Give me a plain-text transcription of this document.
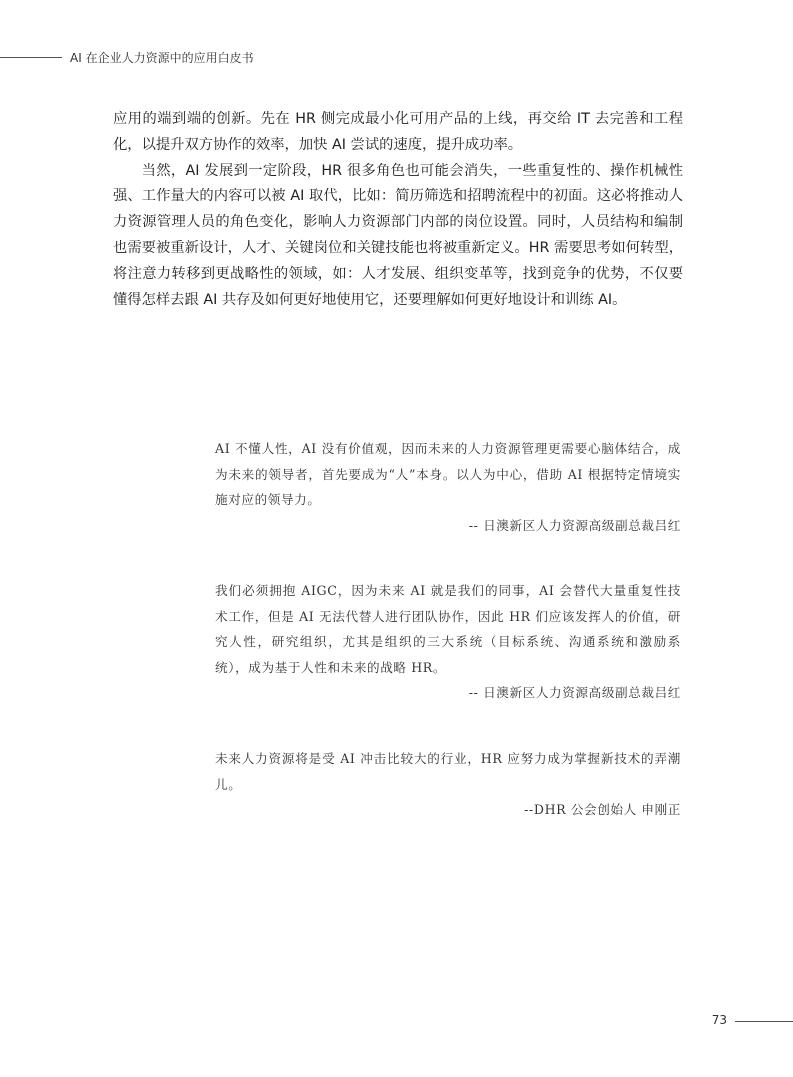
AI 在企业人力资源中的应用白皮书

应用的端到端的创新。先在 HR 侧完成最小化可用产品的上线，再交给 IT 去完善和工程化，以提升双方协作的效率，加快 AI 尝试的速度，提升成功率。

当然，AI 发展到一定阶段，HR 很多角色也可能会消失，一些重复性的、操作机械性强、工作量大的内容可以被 AI 取代，比如：简历筛选和招聘流程中的初面。这必将推动人力资源管理人员的角色变化，影响人力资源部门内部的岗位设置。同时，人员结构和编制也需要被重新设计，人才、关键岗位和关键技能也将被重新定义。HR 需要思考如何转型，将注意力转移到更战略性的领域，如：人才发展、组织变革等，找到竞争的优势，不仅要懂得怎样去跟 AI 共存及如何更好地使用它，还要理解如何更好地设计和训练 AI。

AI 不懂人性，AI 没有价值观，因而未来的人力资源管理更需要心脑体结合，成为未来的领导者，首先要成为“人”本身。以人为中心，借助 AI 根据特定情境实施对应的领导力。

-- 日澳新区人力资源高级副总裁吕红

我们必须拥抱 AIGC，因为未来 AI 就是我们的同事，AI 会替代大量重复性技术工作，但是 AI 无法代替人进行团队协作，因此 HR 们应该发挥人的价值，研究人性，研究组织，尤其是组织的三大系统（目标系统、沟通系统和激励系统），成为基于人性和未来的战略 HR。

-- 日澳新区人力资源高级副总裁吕红

未来人力资源将是受 AI 冲击比较大的行业，HR 应努力成为掌握新技术的弄潮儿。

--DHR 公会创始人 申刚正

73
